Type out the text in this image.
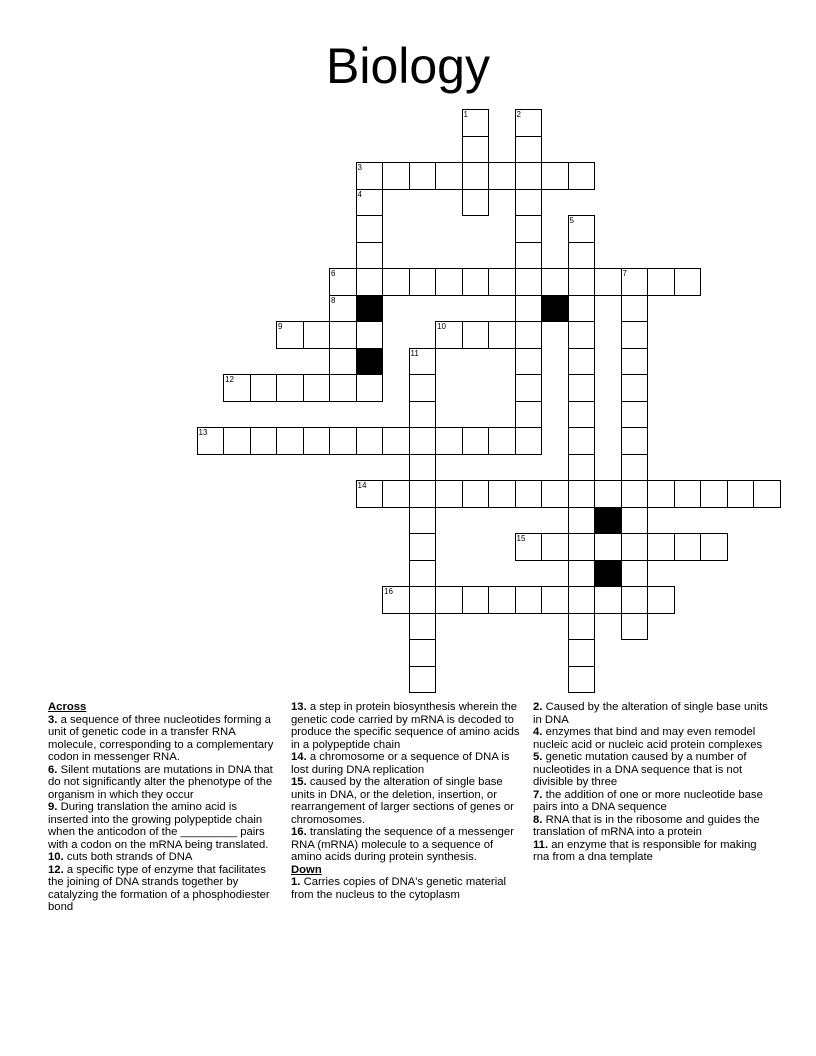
Biology
3
6
9	10
12
13
14
15
16
1	2
4
5
7
8
11
Across
3. a sequence of three nucleotides forming a unit of genetic code in a transfer RNA molecule, corresponding to a complementary codon in messenger RNA.
6. Silent mutations are mutations in DNA that do not significantly alter the phenotype of the organism in which they occur
9. During translation the amino acid is inserted into the growing polypeptide chain when the anticodon of the _________ pairs with a codon on the mRNA being translated.
10. cuts both strands of DNA
12. a specific type of enzyme that facilitates the joining of DNA strands together by catalyzing the formation of a phosphodiester bond
13. a step in protein biosynthesis wherein the genetic code carried by mRNA is decoded to produce the specific sequence of amino acids in a polypeptide chain
14. a chromosome or a sequence of DNA is lost during DNA replication
15. caused by the alteration of single base units in DNA, or the deletion, insertion, or rearrangement of larger sections of genes or chromosomes.
16. translating the sequence of a messenger RNA (mRNA) molecule to a sequence of amino acids during protein synthesis.
Down
1. Carries copies of DNA's genetic material from the nucleus to the cytoplasm
2. Caused by the alteration of single base units in DNA
4. enzymes that bind and may even remodel nucleic acid or nucleic acid protein complexes
5. genetic mutation caused by a number of nucleotides in a DNA sequence that is not divisible by three
7. the addition of one or more nucleotide base pairs into a DNA sequence
8. RNA that is in the ribosome and guides the translation of mRNA into a protein
11. an enzyme that is responsible for making rna from a dna template
